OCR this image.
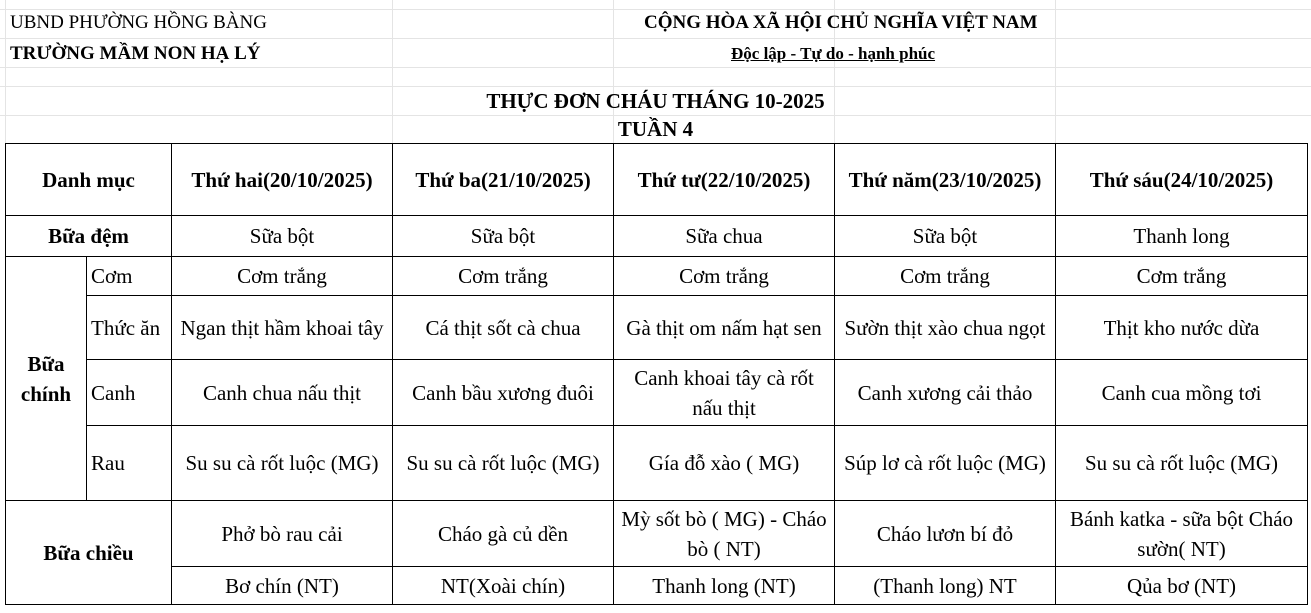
UBND PHƯỜNG HỒNG BÀNG
TRƯỜNG MẦM NON HẠ LÝ
CỘNG HÒA XÃ HỘI CHỦ NGHĨA VIỆT NAM
Độc lập - Tự do - hạnh phúc
THỰC ĐƠN CHÁU THÁNG 10-2025
TUẦN 4
Danh mục		Thứ hai(20/10/2025)	Thứ ba(21/10/2025)	Thứ tư(22/10/2025)	Thứ năm(23/10/2025)	Thứ sáu(24/10/2025)
Bữa đệm		Sữa bột	Sữa bột	Sữa chua	Sữa bột	Thanh long
Bữa chính	Cơm	Cơm trắng	Cơm trắng	Cơm trắng	Cơm trắng	Cơm trắng
	Thức ăn	Ngan thịt hầm khoai tây	Cá thịt sốt cà chua	Gà thịt om nấm hạt sen	Sườn thịt xào chua ngọt	Thịt kho nước dừa
	Canh	Canh chua nấu thịt	Canh bầu xương đuôi	Canh khoai tây cà rốt nấu thịt	Canh xương cải thảo	Canh cua mồng tơi
	Rau	Su su cà rốt luộc (MG)	Su su cà rốt luộc (MG)	Gía đỗ xào ( MG)	Súp lơ cà rốt luộc (MG)	Su su cà rốt luộc (MG)
Bữa chiều		Phở bò rau cải	Cháo gà củ dền	Mỳ sốt bò ( MG) - Cháo bò ( NT)	Cháo lươn bí đỏ	Bánh katka - sữa bột Cháo sườn( NT)
		Bơ chín (NT)	NT(Xoài chín)	Thanh long (NT)	(Thanh long) NT	Qủa bơ (NT)
